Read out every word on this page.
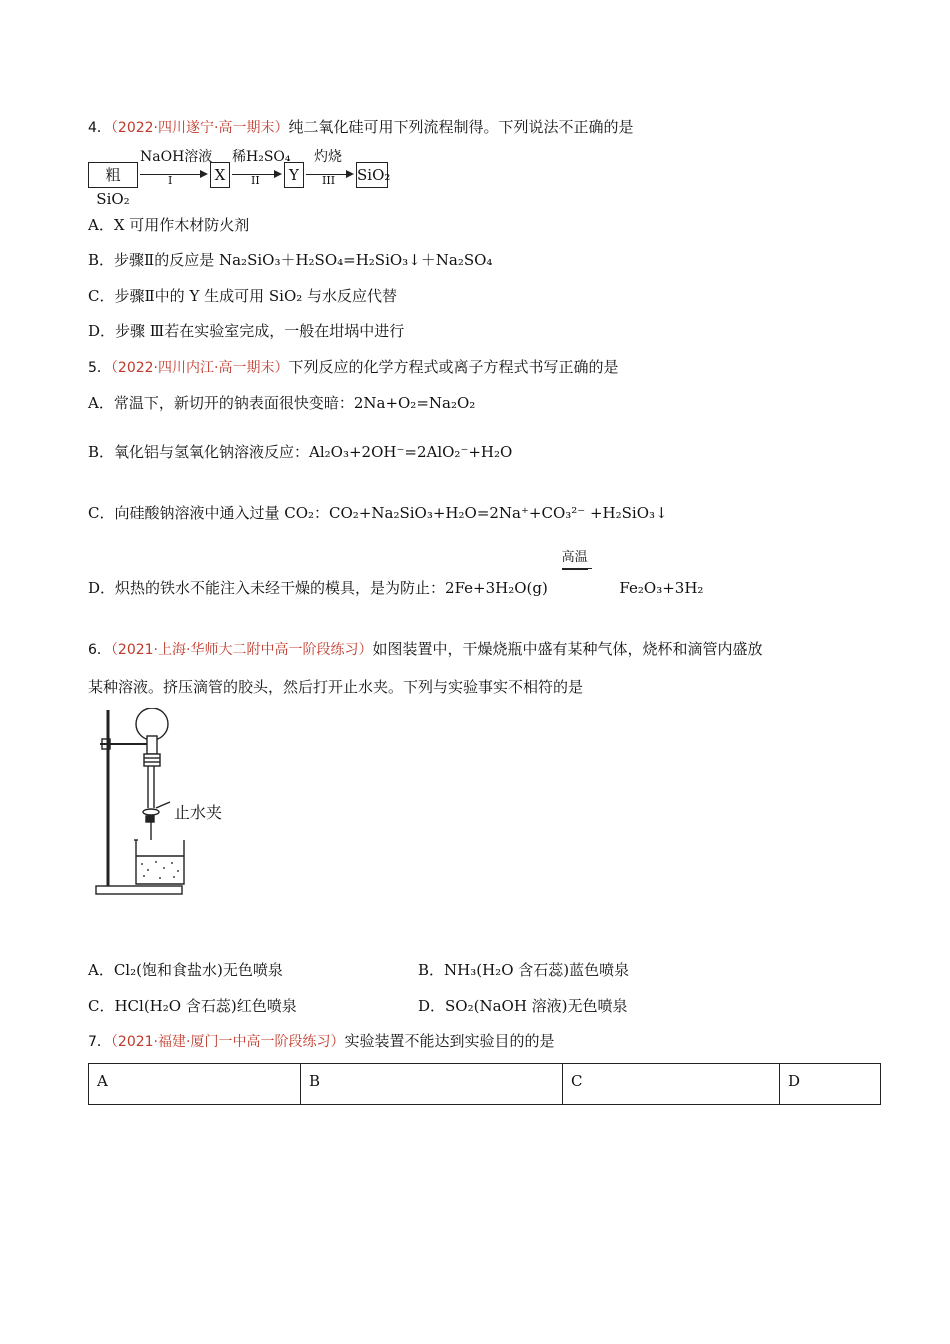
4．（2022·四川遂宁·高一期末）纯二氧化硅可用下列流程制得。下列说法不正确的是
粗SiO₂
NaOH溶液
I	X
稀H₂SO₄
II	Y
灼烧
III SiO₂
A．X 可用作木材防火剂
B．步骤Ⅱ的反应是 Na₂SiO₃＋H₂SO₄=H₂SiO₃↓＋Na₂SO₄
C．步骤Ⅱ中的 Y 生成可用 SiO₂ 与水反应代替
D．步骤 Ⅲ若在实验室完成，一般在坩埚中进行
5．（2022·四川内江·高一期末）下列反应的化学方程式或离子方程式书写正确的是
A．常温下，新切开的钠表面很快变暗：2Na+O₂=Na₂O₂
B．氧化铝与氢氧化钠溶液反应：Al₂O₃+2OH⁻=2AlO₂⁻+H₂O
C．向硅酸钠溶液中通入过量 CO₂：CO₂+Na₂SiO₃+H₂O=2Na⁺+CO₃²⁻ +H₂SiO₃↓
D．炽热的铁水不能注入未经干燥的模具，是为防止：2Fe+3H₂O(g)
高温
Fe₂O₃+3H₂
6．（2021·上海·华师大二附中高一阶段练习）如图装置中，干燥烧瓶中盛有某种气体，烧杯和滴管内盛放
某种溶液。挤压滴管的胶头，然后打开止水夹。下列与实验事实不相符的是
止水夹
A．Cl₂(饱和食盐水)无色喷泉	B．NH₃(H₂O 含石蕊)蓝色喷泉
C．HCl(H₂O 含石蕊)红色喷泉	D．SO₂(NaOH 溶液)无色喷泉
7．（2021·福建·厦门一中高一阶段练习）实验装置不能达到实验目的的是
A	B	C	D
